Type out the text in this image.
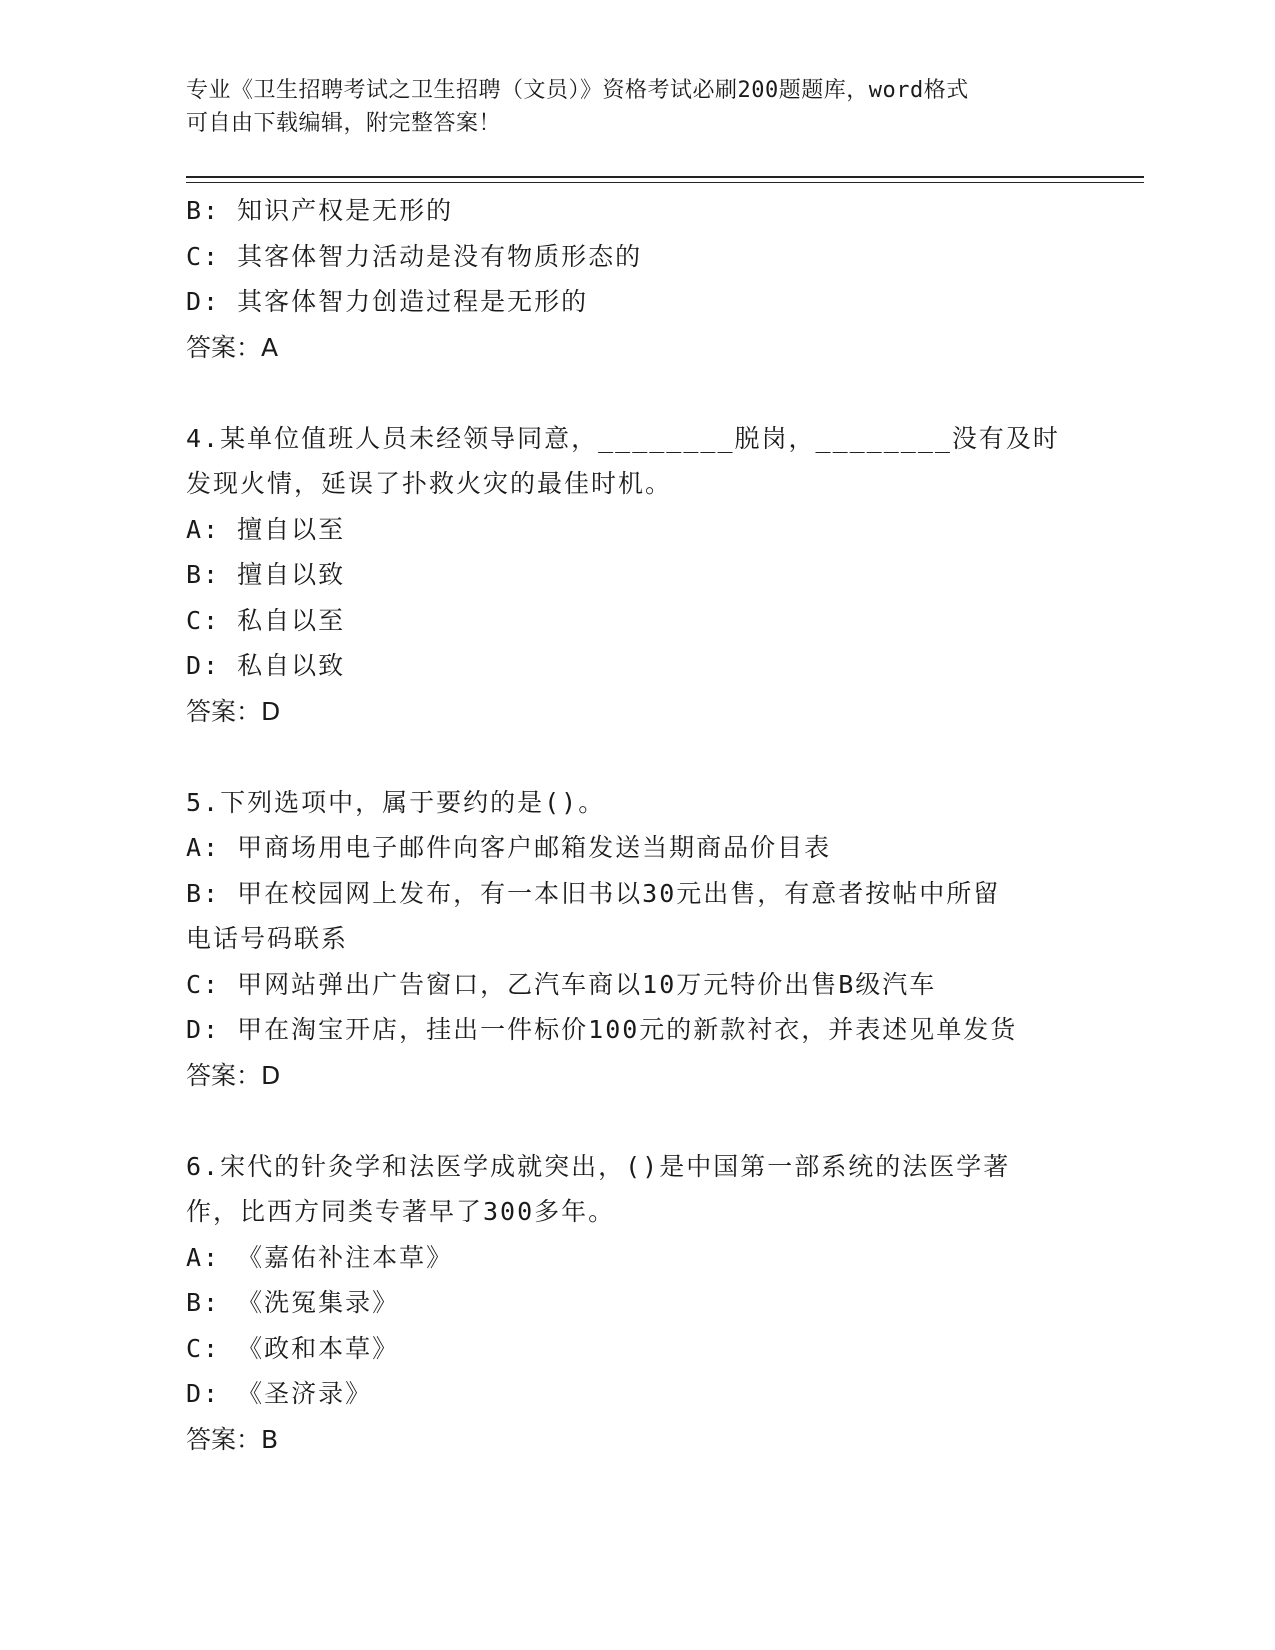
专业《卫生招聘考试之卫生招聘（文员）》资格考试必刷200题题库，word格式
可自由下载编辑，附完整答案！
B: 知识产权是无形的
C: 其客体智力活动是没有物质形态的
D: 其客体智力创造过程是无形的
答案：A
4.某单位值班人员未经领导同意，________脱岗，________没有及时
发现火情，延误了扑救火灾的最佳时机。
A: 擅自以至
B: 擅自以致
C: 私自以至
D: 私自以致
答案：D
5.下列选项中，属于要约的是()。
A: 甲商场用电子邮件向客户邮箱发送当期商品价目表
B: 甲在校园网上发布，有一本旧书以30元出售，有意者按帖中所留
电话号码联系
C: 甲网站弹出广告窗口，乙汽车商以10万元特价出售B级汽车
D: 甲在淘宝开店，挂出一件标价100元的新款衬衣，并表述见单发货
答案：D
6.宋代的针灸学和法医学成就突出，()是中国第一部系统的法医学著
作，比西方同类专著早了300多年。
A: 《嘉佑补注本草》
B: 《洗冤集录》
C: 《政和本草》
D: 《圣济录》
答案：B
